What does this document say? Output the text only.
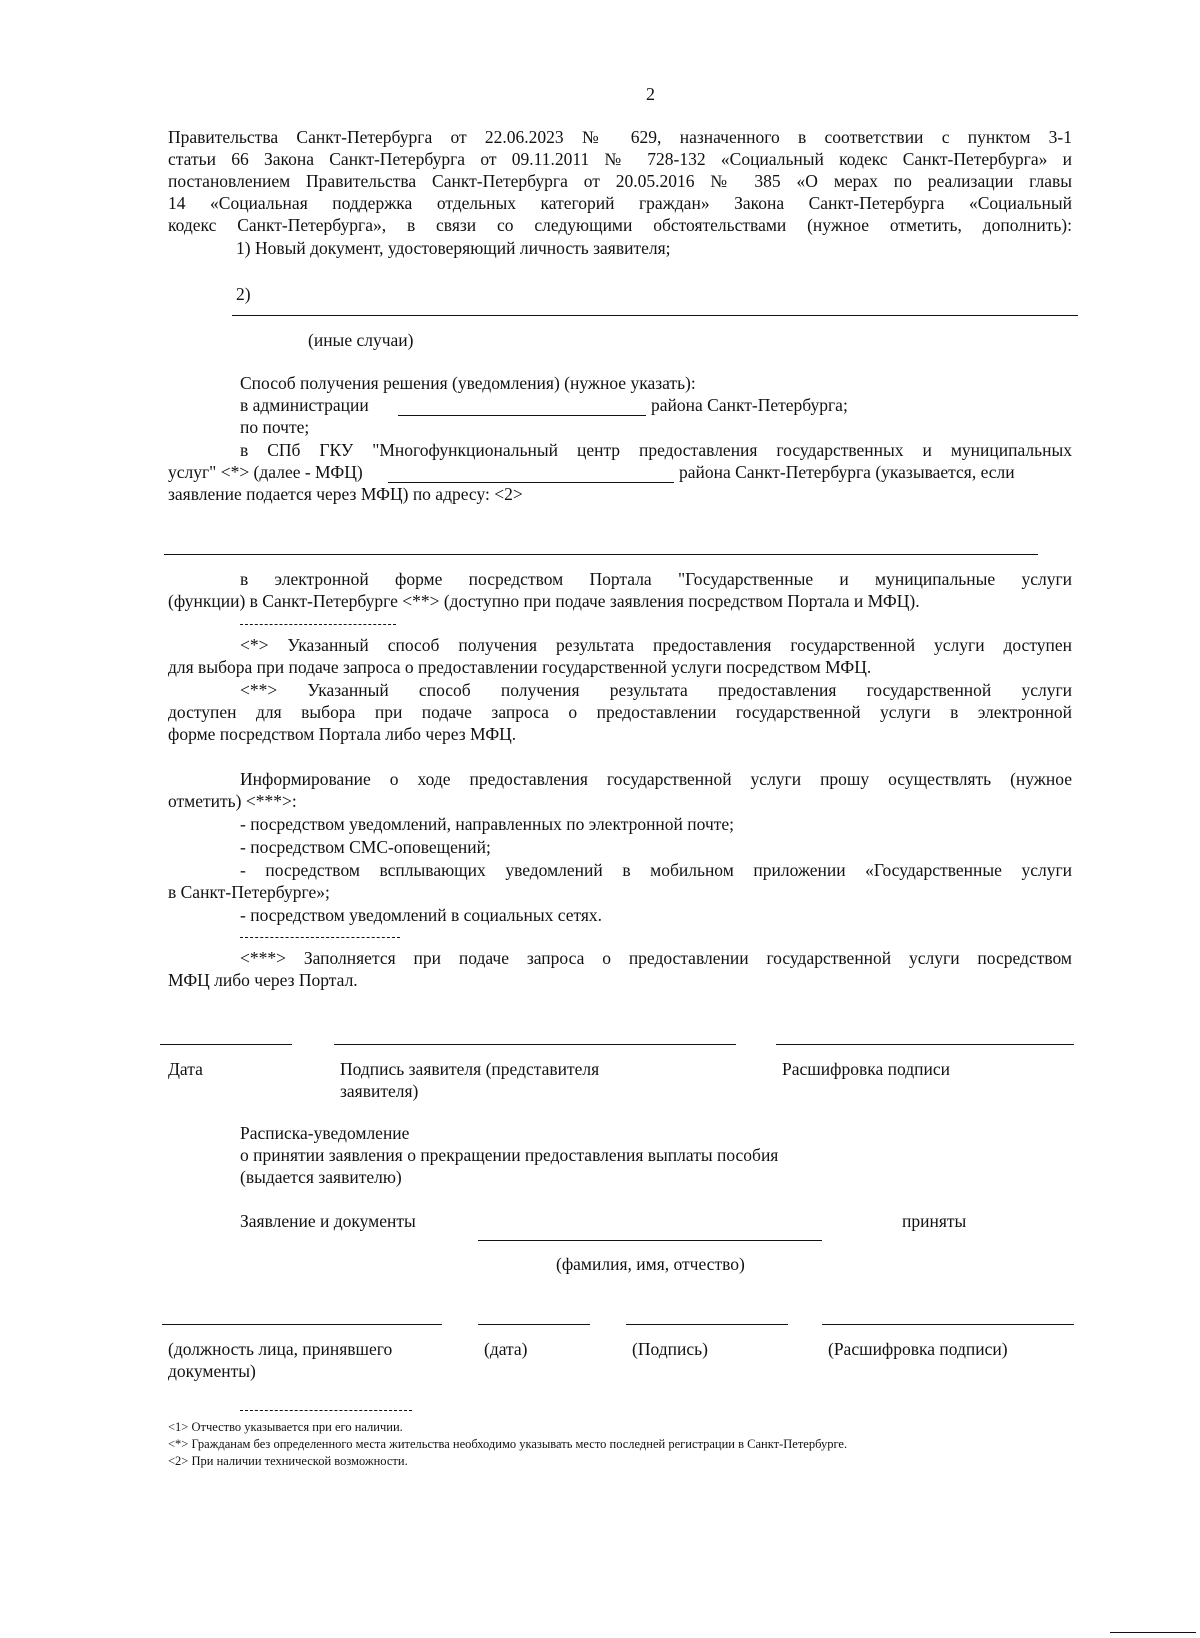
2
Правительства Санкт-Петербурга от 22.06.2023 № 629, назначенного в соответствии с пунктом 3-1
статьи 66 Закона Санкт-Петербурга от 09.11.2011 № 728-132 «Социальный кодекс Санкт-Петербурга» и
постановлением Правительства Санкт-Петербурга от 20.05.2016 № 385 «О мерах по реализации главы
14 «Социальная поддержка отдельных категорий граждан» Закона Санкт-Петербурга «Социальный
кодекс Санкт-Петербурга», в связи со следующими обстоятельствами (нужное отметить, дополнить):
1) Новый документ, удостоверяющий личность заявителя;
2)
(иные случаи)
Способ получения решения (уведомления) (нужное указать):
в администрации	района Санкт-Петербурга;
по почте;
в СПб ГКУ "Многофункциональный центр предоставления государственных и муниципальных
услуг" <*> (далее - МФЦ)	района Санкт-Петербурга (указывается, если
заявление подается через МФЦ) по адресу: <2>
в электронной форме посредством Портала "Государственные и муниципальные услуги
(функции) в Санкт-Петербурге <**> (доступно при подаче заявления посредством Портала и МФЦ).
<*> Указанный способ получения результата предоставления государственной услуги доступен
для выбора при подаче запроса о предоставлении государственной услуги посредством МФЦ.
<**> Указанный способ получения результата предоставления государственной услуги
доступен для выбора при подаче запроса о предоставлении государственной услуги в электронной
форме посредством Портала либо через МФЦ.
Информирование о ходе предоставления государственной услуги прошу осуществлять (нужное
отметить) <***>:
- посредством уведомлений, направленных по электронной почте;
- посредством СМС-оповещений;
- посредством всплывающих уведомлений в мобильном приложении «Государственные услуги
в Санкт-Петербурге»;
- посредством уведомлений в социальных сетях.
<***> Заполняется при подаче запроса о предоставлении государственной услуги посредством
МФЦ либо через Портал.
Дата	Подпись заявителя (представителя
заявителя)
Расшифровка подписи
Расписка-уведомление
о принятии заявления о прекращении предоставления выплаты пособия
(выдается заявителю)
Заявление и документы	приняты
(фамилия, имя, отчество)
(должность лица, принявшего
документы)
(дата)	(Подпись)	(Расшифровка подписи)
<1> Отчество указывается при его наличии.
<*> Гражданам без определенного места жительства необходимо указывать место последней регистрации в Санкт-Петербурге.
<2> При наличии технической возможности.
